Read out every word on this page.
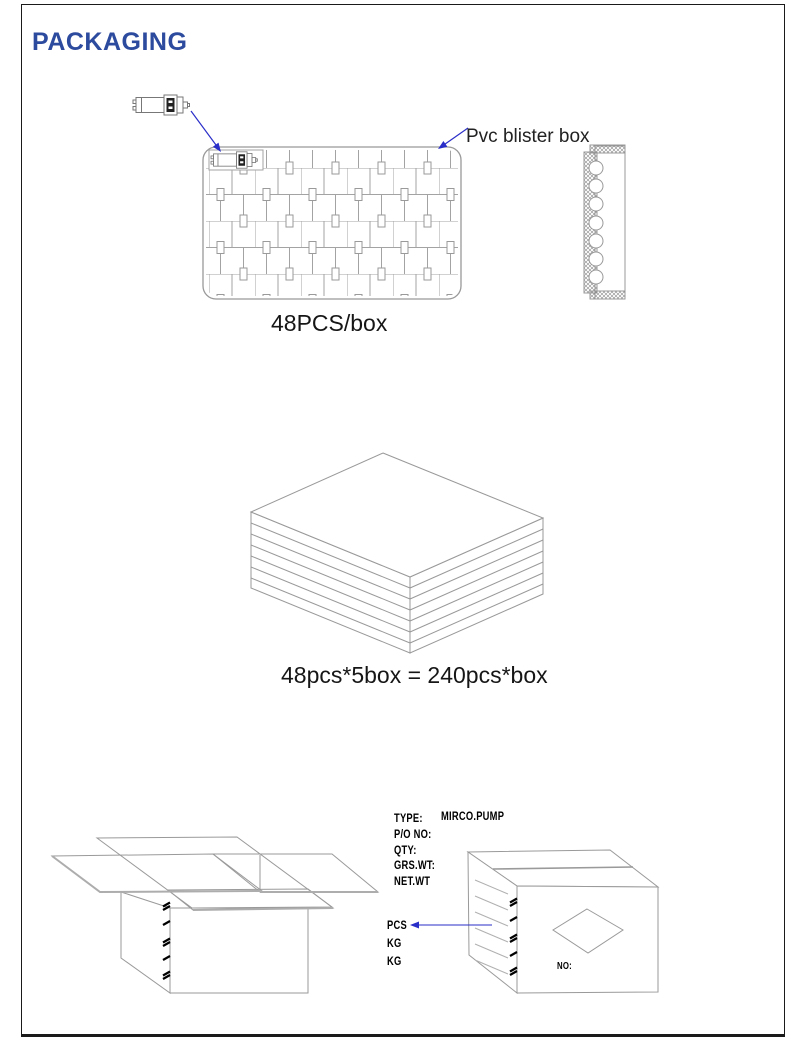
PACKAGING
Pvc blister box
48PCS/box
48pcs*5box = 240pcs*box
TYPE: MIRCO.PUMP
P/O NO:
QTY:
GRS.WT:
NET.WT
PCS
KG
KG	NO:
